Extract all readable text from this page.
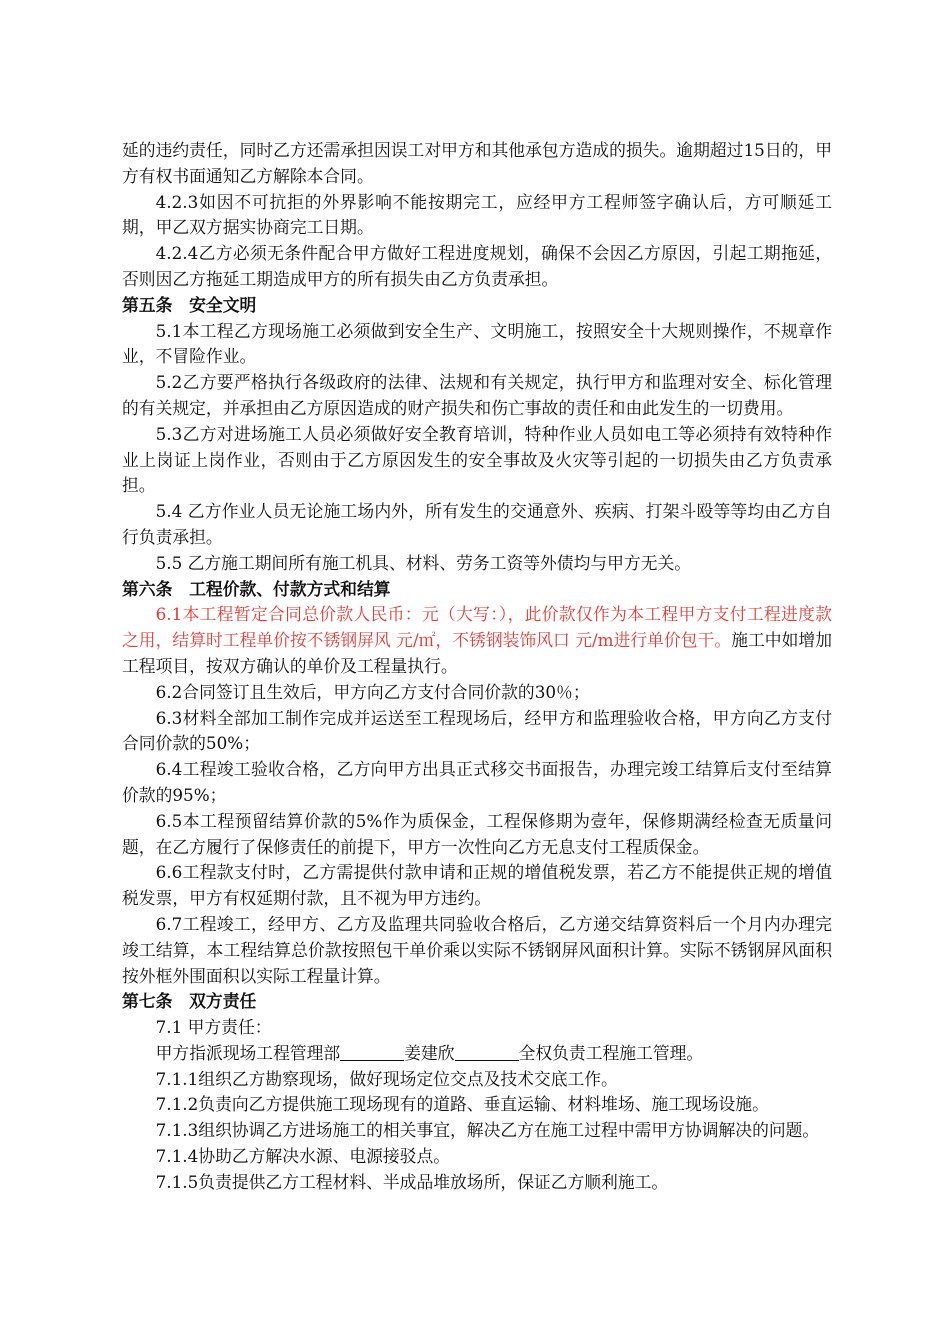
延的违约责任，同时乙方还需承担因误工对甲方和其他承包方造成的损失。逾期超过15日的，甲方有权书面通知乙方解除本合同。

4.2.3如因不可抗拒的外界影响不能按期完工，应经甲方工程师签字确认后，方可顺延工期，甲乙双方据实协商完工日期。

4.2.4乙方必须无条件配合甲方做好工程进度规划，确保不会因乙方原因，引起工期拖延，否则因乙方拖延工期造成甲方的所有损失由乙方负责承担。

第五条　安全文明

5.1本工程乙方现场施工必须做到安全生产、文明施工，按照安全十大规则操作，不规章作业，不冒险作业。

5.2乙方要严格执行各级政府的法律、法规和有关规定，执行甲方和监理对安全、标化管理的有关规定，并承担由乙方原因造成的财产损失和伤亡事故的责任和由此发生的一切费用。

5.3乙方对进场施工人员必须做好安全教育培训，特种作业人员如电工等必须持有效特种作业上岗证上岗作业，否则由于乙方原因发生的安全事故及火灾等引起的一切损失由乙方负责承担。

5.4 乙方作业人员无论施工场内外，所有发生的交通意外、疾病、打架斗殴等等均由乙方自行负责承担。

5.5 乙方施工期间所有施工机具、材料、劳务工资等外债均与甲方无关。

第六条　工程价款、付款方式和结算

6.1本工程暂定合同总价款人民币：元（大写：），此价款仅作为本工程甲方支付工程进度款之用，结算时工程单价按不锈钢屏风 元/㎡，不锈钢装饰风口 元/m进行单价包干。施工中如增加工程项目，按双方确认的单价及工程量执行。

6.2合同签订且生效后，甲方向乙方支付合同价款的30％；

6.3材料全部加工制作完成并运送至工程现场后，经甲方和监理验收合格，甲方向乙方支付合同价款的50%；

6.4工程竣工验收合格，乙方向甲方出具正式移交书面报告，办理完竣工结算后支付至结算价款的95%；

6.5本工程预留结算价款的5%作为质保金，工程保修期为壹年，保修期满经检查无质量问题，在乙方履行了保修责任的前提下，甲方一次性向乙方无息支付工程质保金。

6.6工程款支付时，乙方需提供付款申请和正规的增值税发票，若乙方不能提供正规的增值税发票，甲方有权延期付款，且不视为甲方违约。

6.7工程竣工，经甲方、乙方及监理共同验收合格后，乙方递交结算资料后一个月内办理完竣工结算，本工程结算总价款按照包干单价乘以实际不锈钢屏风面积计算。实际不锈钢屏风面积按外框外围面积以实际工程量计算。

第七条　双方责任

7.1 甲方责任：

甲方指派现场工程管理部	姜建欣	全权负责工程施工管理。

7.1.1组织乙方勘察现场，做好现场定位交点及技术交底工作。

7.1.2负责向乙方提供施工现场现有的道路、垂直运输、材料堆场、施工现场设施。

7.1.3组织协调乙方进场施工的相关事宜，解决乙方在施工过程中需甲方协调解决的问题。

7.1.4协助乙方解决水源、电源接驳点。

7.1.5负责提供乙方工程材料、半成品堆放场所，保证乙方顺利施工。
